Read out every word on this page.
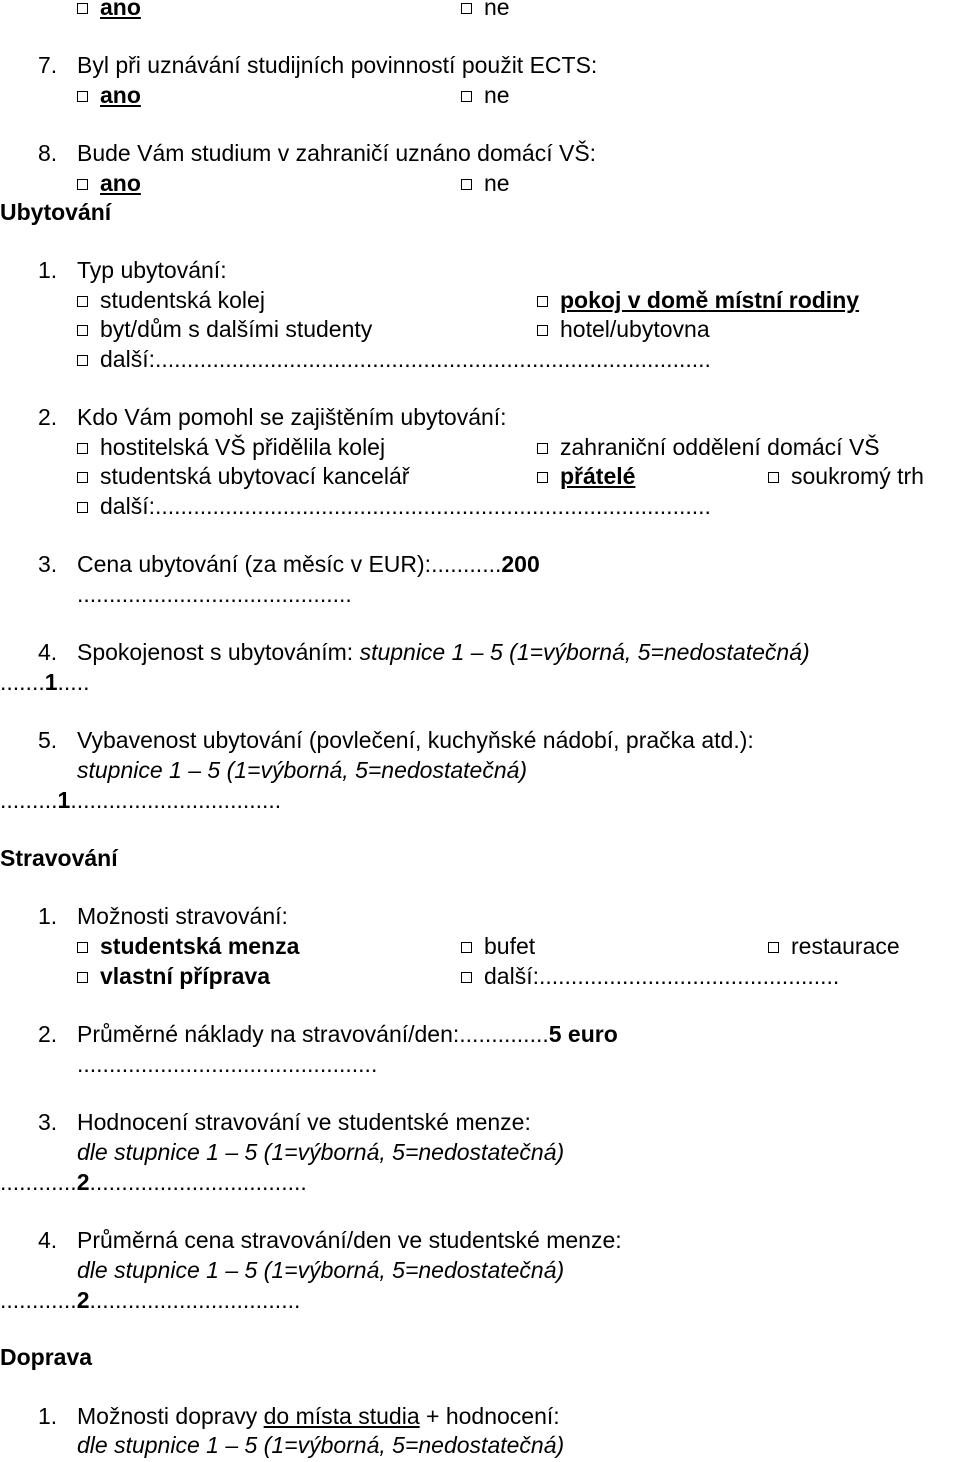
ano	ne
7. Byl při uznávání studijních povinností použit ECTS:
ano	ne
8. Bude Vám studium v zahraničí uznáno domácí VŠ:
ano	ne
Ubytování
1. Typ ubytování:
studentská kolej	pokoj v domě místní rodiny
byt/dům s dalšími studenty	hotel/ubytovna
další:.......................................................................................
2. Kdo Vám pomohl se zajištěním ubytování:
hostitelská VŠ přidělila kolej	zahraniční oddělení domácí VŠ
studentská ubytovací kancelář	přátelé	soukromý trh
další:.......................................................................................
3. Cena ubytování (za měsíc v EUR):...........200
...........................................
4. Spokojenost s ubytováním: stupnice 1 – 5 (1=výborná, 5=nedostatečná)
.......1.....
5. Vybavenost ubytování (povlečení, kuchyňské nádobí, pračka atd.):
stupnice 1 – 5 (1=výborná, 5=nedostatečná)
.........1.................................
Stravování
1. Možnosti stravování:
studentská menza	bufet	restaurace
vlastní příprava	další:...............................................
2. Průměrné náklady na stravování/den:..............5 euro
...............................................
3. Hodnocení stravování ve studentské menze:
dle stupnice 1 – 5 (1=výborná, 5=nedostatečná)
............2..................................
4. Průměrná cena stravování/den ve studentské menze:
dle stupnice 1 – 5 (1=výborná, 5=nedostatečná)
............2.................................
Doprava
1. Možnosti dopravy do místa studia + hodnocení:
dle stupnice 1 – 5 (1=výborná, 5=nedostatečná)
